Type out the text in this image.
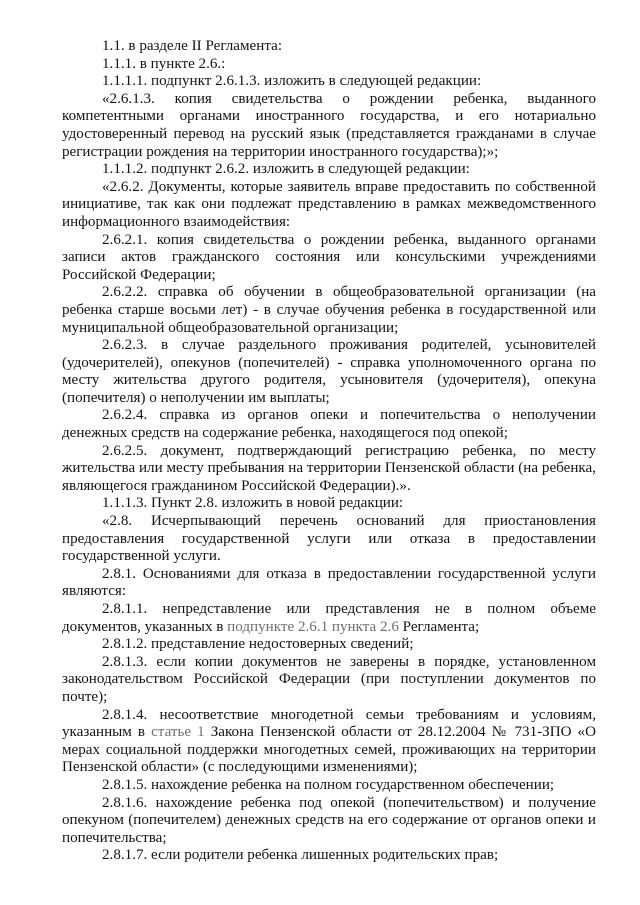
1.1. в разделе II Регламента:

1.1.1. в пункте 2.6.:

1.1.1.1. подпункт 2.6.1.3. изложить в следующей редакции:

«2.6.1.3. копия свидетельства о рождении ребенка, выданного компетентными органами иностранного государства, и его нотариально удостоверенный перевод на русский язык (представляется гражданами в случае регистрации рождения на территории иностранного государства);»;

1.1.1.2. подпункт 2.6.2. изложить в следующей редакции:

«2.6.2. Документы, которые заявитель вправе предоставить по собственной инициативе, так как они подлежат представлению в рамках межведомственного информационного взаимодействия:

2.6.2.1. копия свидетельства о рождении ребенка, выданного органами записи актов гражданского состояния или консульскими учреждениями Российской Федерации;

2.6.2.2. справка об обучении в общеобразовательной организации (на ребенка старше восьми лет) - в случае обучения ребенка в государственной или муниципальной общеобразовательной организации;

2.6.2.3. в случае раздельного проживания родителей, усыновителей (удочерителей), опекунов (попечителей) - справка уполномоченного органа по месту жительства другого родителя, усыновителя (удочерителя), опекуна (попечителя) о неполучении им выплаты;

2.6.2.4. справка из органов опеки и попечительства о неполучении денежных средств на содержание ребенка, находящегося под опекой;

2.6.2.5. документ, подтверждающий регистрацию ребенка, по месту жительства или месту пребывания на территории Пензенской области (на ребенка, являющегося гражданином Российской Федерации).».

1.1.1.3. Пункт 2.8. изложить в новой редакции:

«2.8. Исчерпывающий перечень оснований для приостановления предоставления государственной услуги или отказа в предоставлении государственной услуги.

2.8.1. Основаниями для отказа в предоставлении государственной услуги являются:

2.8.1.1. непредставление или представления не в полном объеме документов, указанных в подпункте 2.6.1 пункта 2.6 Регламента;

2.8.1.2. представление недостоверных сведений;

2.8.1.3. если копии документов не заверены в порядке, установленном законодательством Российской Федерации (при поступлении документов по почте);

2.8.1.4. несоответствие многодетной семьи требованиям и условиям, указанным в статье 1 Закона Пензенской области от 28.12.2004 № 731-ЗПО «О мерах социальной поддержки многодетных семей, проживающих на территории Пензенской области» (с последующими изменениями);

2.8.1.5. нахождение ребенка на полном государственном обеспечении;

2.8.1.6. нахождение ребенка под опекой (попечительством) и получение опекуном (попечителем) денежных средств на его содержание от органов опеки и попечительства;

2.8.1.7. если родители ребенка лишенных родительских прав;
